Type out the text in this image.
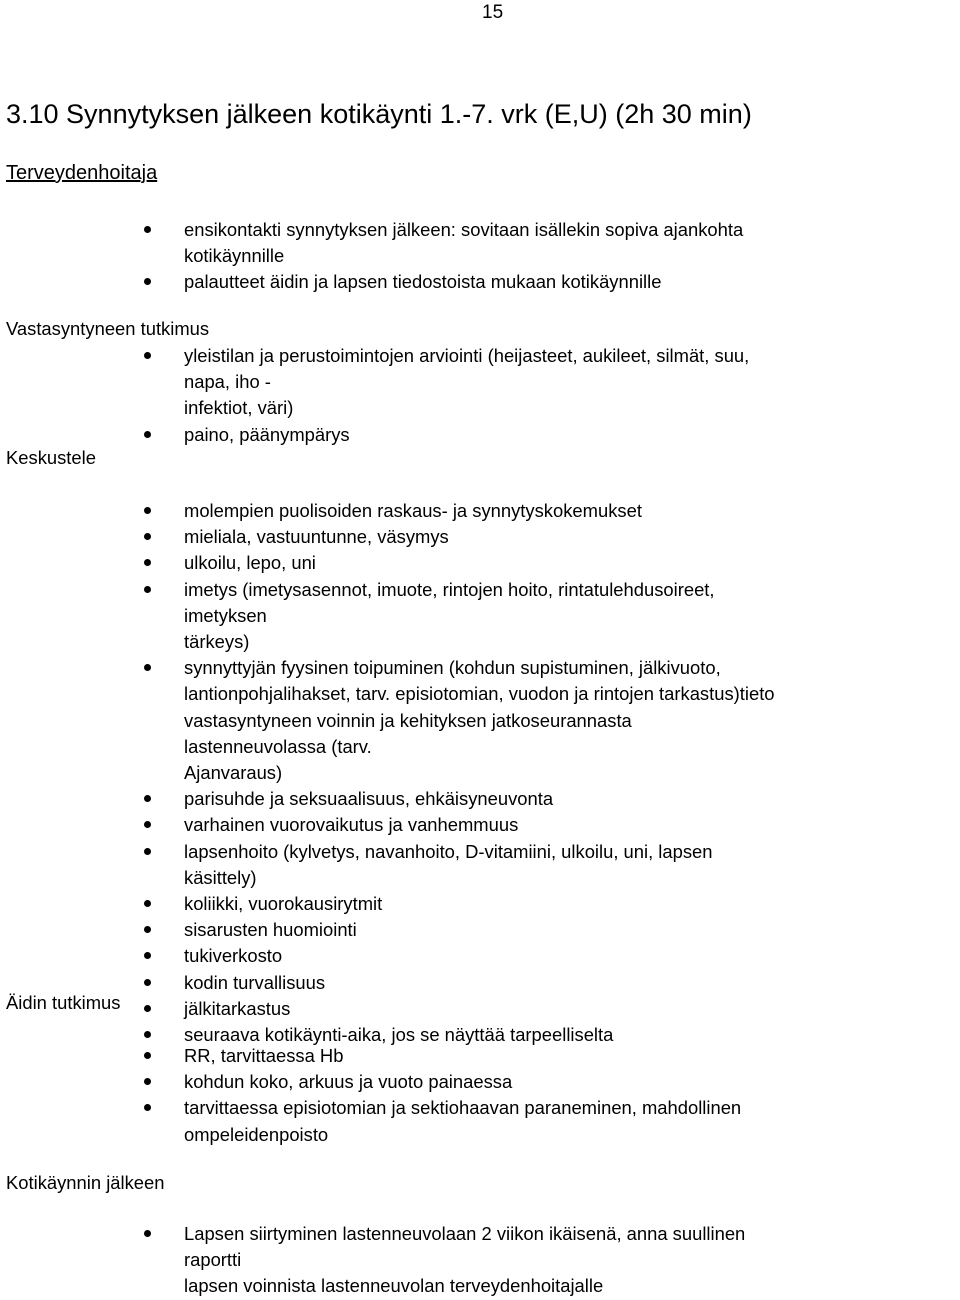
15
3.10 Synnytyksen jälkeen kotikäynti 1.-7. vrk (E,U) (2h 30 min)
Terveydenhoitaja
ensikontakti synnytyksen jälkeen: sovitaan isällekin sopiva ajankohta kotikäynnille
palautteet äidin ja lapsen tiedostoista mukaan kotikäynnille
Vastasyntyneen tutkimus
yleistilan ja perustoimintojen arviointi (heijasteet, aukileet, silmät, suu, napa, iho -
infektiot, väri)
paino, päänympärys
Keskustele
molempien puolisoiden raskaus- ja synnytyskokemukset
mieliala, vastuuntunne, väsymys
ulkoilu, lepo, uni
imetys (imetysasennot, imuote, rintojen hoito, rintatulehdusoireet, imetyksen
tärkeys)
synnyttyjän fyysinen toipuminen (kohdun supistuminen, jälkivuoto,
lantionpohjalihakset, tarv. episiotomian, vuodon ja rintojen tarkastus)tieto
vastasyntyneen voinnin ja kehityksen jatkoseurannasta lastenneuvolassa (tarv.
Ajanvaraus)
parisuhde ja seksuaalisuus, ehkäisyneuvonta
varhainen vuorovaikutus ja vanhemmuus
lapsenhoito (kylvetys, navanhoito, D-vitamiini, ulkoilu, uni, lapsen käsittely)
koliikki, vuorokausirytmit
sisarusten huomiointi
tukiverkosto
kodin turvallisuus
jälkitarkastus
seuraava kotikäynti-aika, jos se näyttää tarpeelliselta
Äidin tutkimus
RR, tarvittaessa Hb
kohdun koko, arkuus ja vuoto painaessa
tarvittaessa episiotomian ja sektiohaavan paraneminen, mahdollinen
ompeleidenpoisto
Kotikäynnin jälkeen
Lapsen siirtyminen lastenneuvolaan 2 viikon ikäisenä, anna suullinen raportti
lapsen voinnista lastenneuvolan terveydenhoitajalle
